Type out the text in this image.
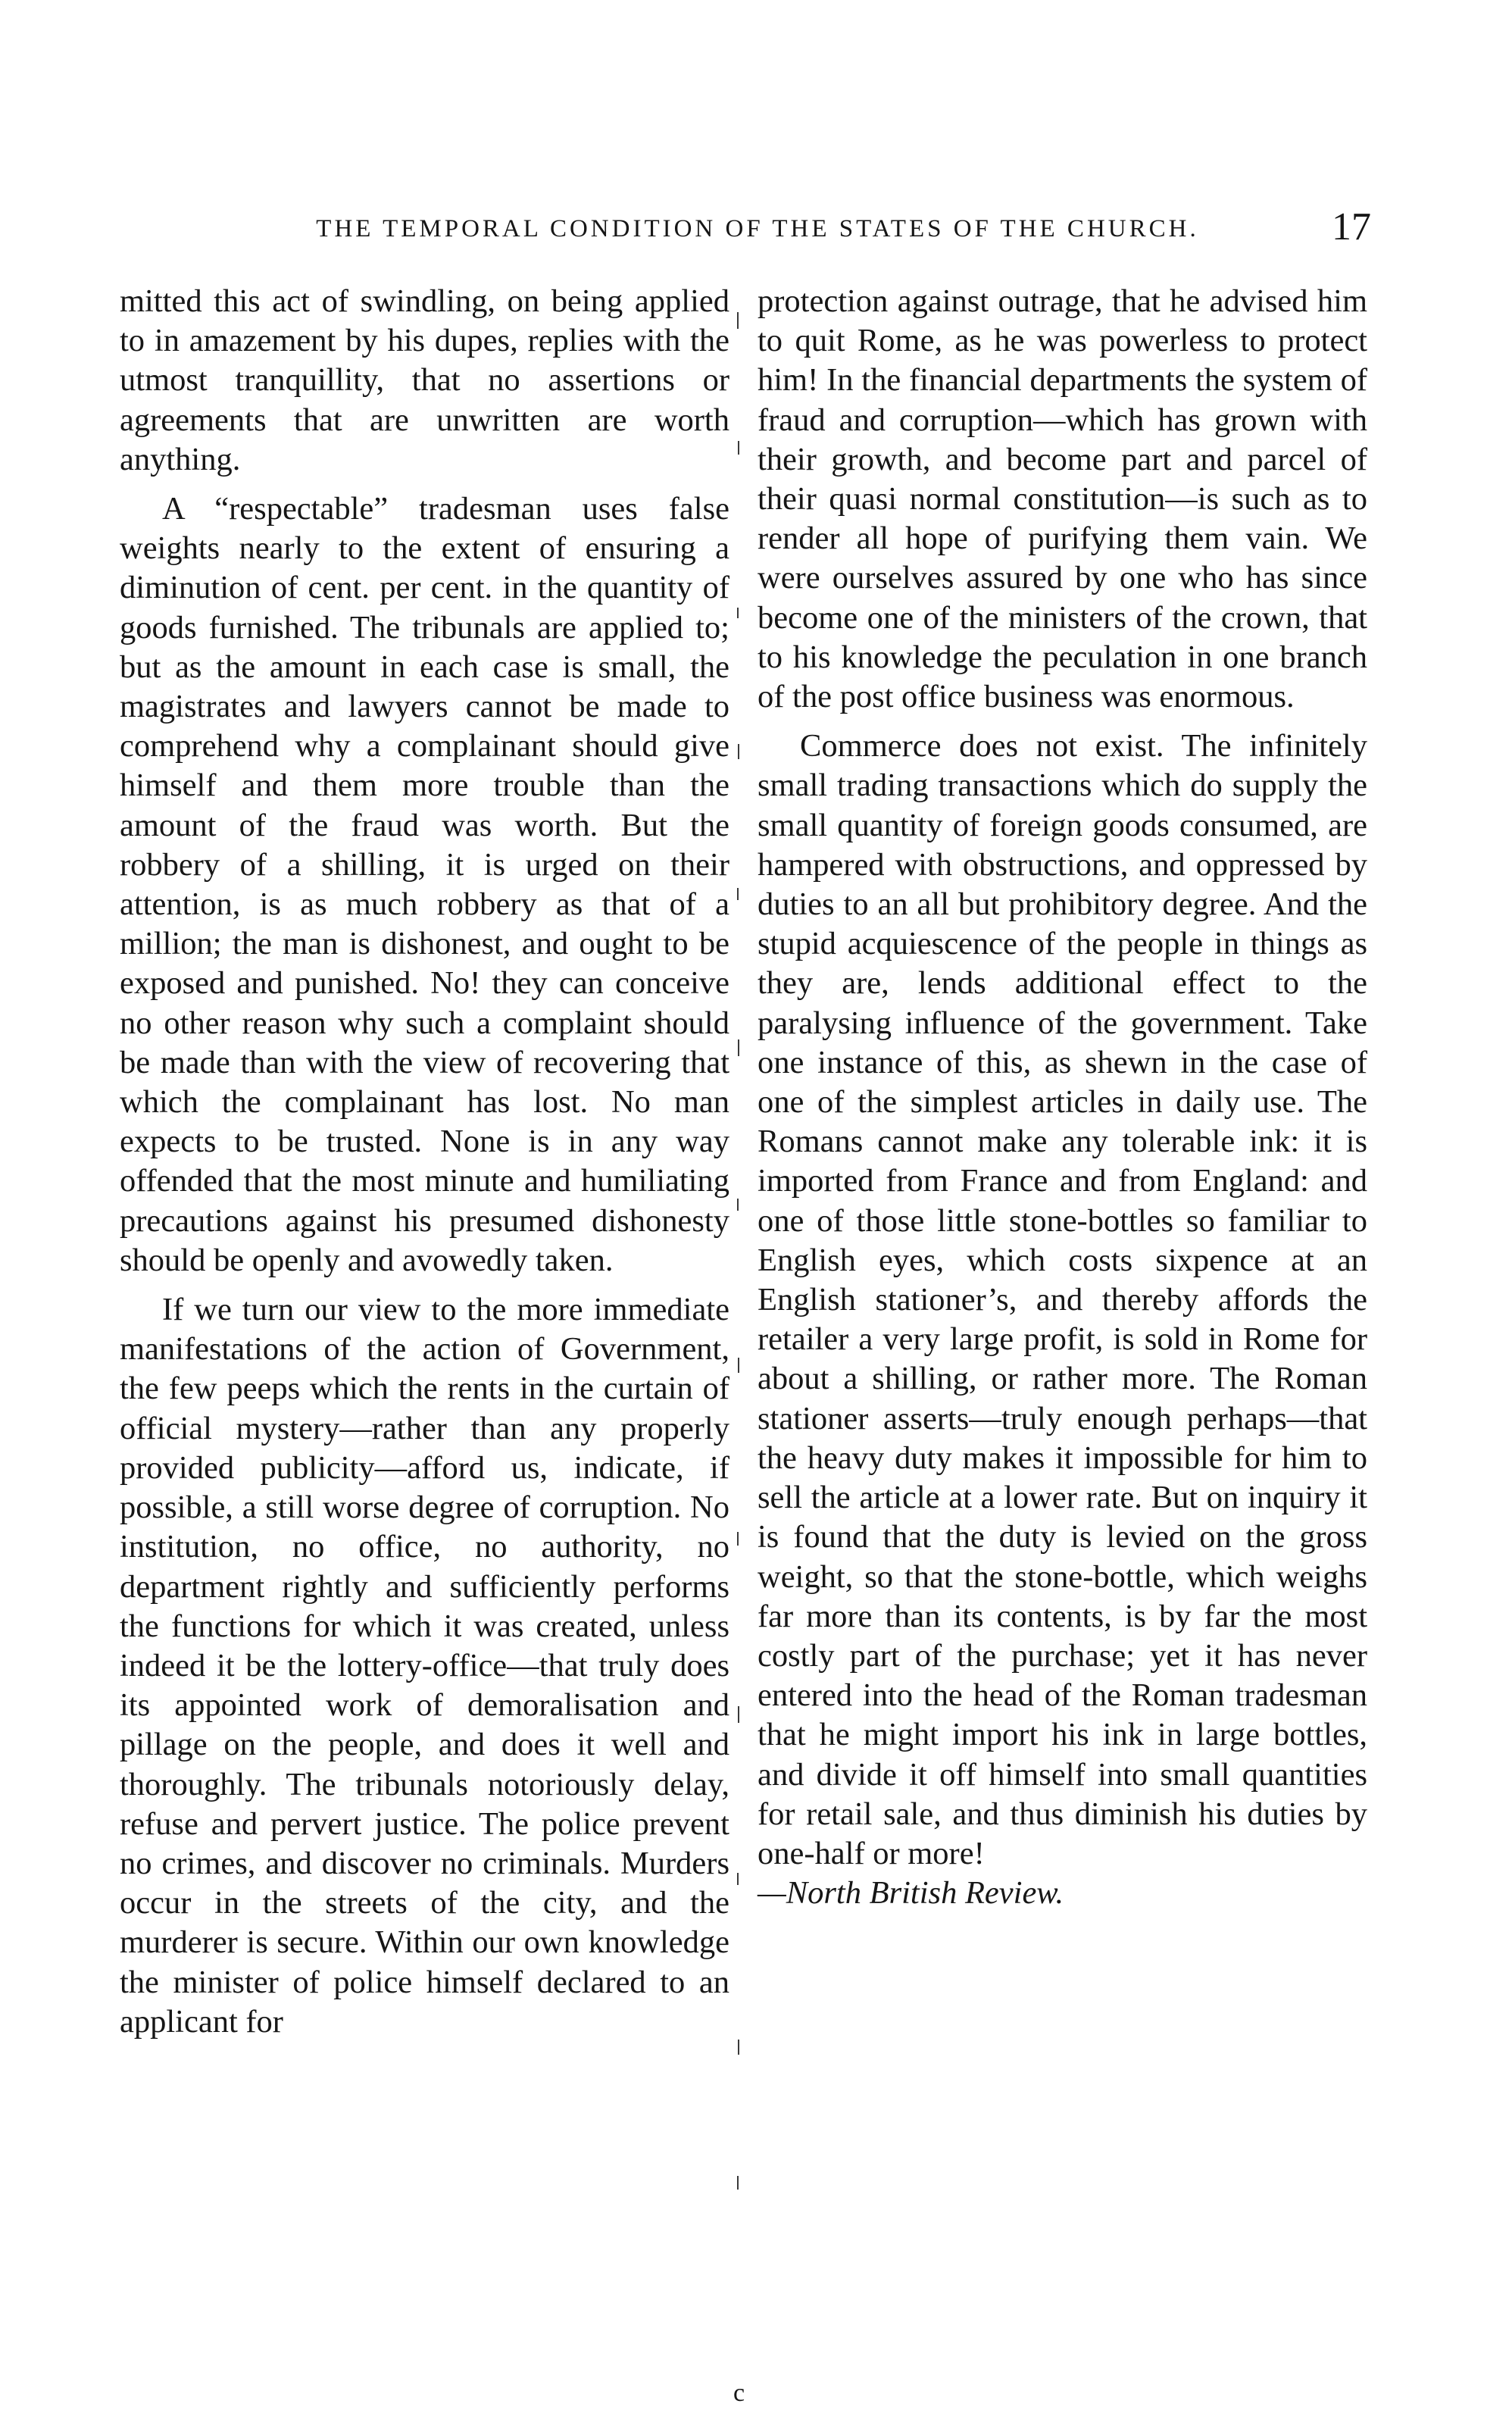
THE TEMPORAL CONDITION OF THE STATES OF THE CHURCH.	17

mitted this act of swindling, on being applied to in amazement by his dupes, replies with the utmost tranquillity, that no assertions or agreements that are unwritten are worth anything.

A “respectable” tradesman uses false weights nearly to the extent of ensuring a diminution of cent. per cent. in the quantity of goods furnished. The tribunals are applied to; but as the amount in each case is small, the magistrates and lawyers cannot be made to comprehend why a complainant should give himself and them more trouble than the amount of the fraud was worth. But the robbery of a shilling, it is urged on their attention, is as much robbery as that of a million; the man is dishonest, and ought to be exposed and punished. No! they can conceive no other reason why such a complaint should be made than with the view of recovering that which the complainant has lost. No man expects to be trusted. None is in any way offended that the most minute and humiliating precautions against his presumed dishonesty should be openly and avowedly taken.

If we turn our view to the more immediate manifestations of the action of Government, the few peeps which the rents in the curtain of official mystery—rather than any properly provided publicity—afford us, indicate, if possible, a still worse degree of corruption. No institution, no office, no authority, no department rightly and sufficiently performs the functions for which it was created, unless indeed it be the lottery-office—that truly does its appointed work of demoralisation and pillage on the people, and does it well and thoroughly. The tribunals notoriously delay, refuse and pervert justice. The police prevent no crimes, and discover no criminals. Murders occur in the streets of the city, and the murderer is secure. Within our own knowledge the minister of police himself declared to an applicant for

protection against outrage, that he advised him to quit Rome, as he was powerless to protect him! In the financial departments the system of fraud and corruption—which has grown with their growth, and become part and parcel of their quasi normal constitution—is such as to render all hope of purifying them vain. We were ourselves assured by one who has since become one of the ministers of the crown, that to his knowledge the peculation in one branch of the post office business was enormous.

Commerce does not exist. The infinitely small trading transactions which do supply the small quantity of foreign goods consumed, are hampered with obstructions, and oppressed by duties to an all but prohibitory degree. And the stupid acquiescence of the people in things as they are, lends additional effect to the paralysing influence of the government. Take one instance of this, as shewn in the case of one of the simplest articles in daily use. The Romans cannot make any tolerable ink: it is imported from France and from England: and one of those little stone-bottles so familiar to English eyes, which costs sixpence at an English stationer’s, and thereby affords the retailer a very large profit, is sold in Rome for about a shilling, or rather more. The Roman stationer asserts—truly enough perhaps—that the heavy duty makes it impossible for him to sell the article at a lower rate. But on inquiry it is found that the duty is levied on the gross weight, so that the stone-bottle, which weighs far more than its contents, is by far the most costly part of the purchase; yet it has never entered into the head of the Roman tradesman that he might import his ink in large bottles, and divide it off himself into small quantities for retail sale, and thus diminish his duties by one-half or more!

—North British Review.

c
